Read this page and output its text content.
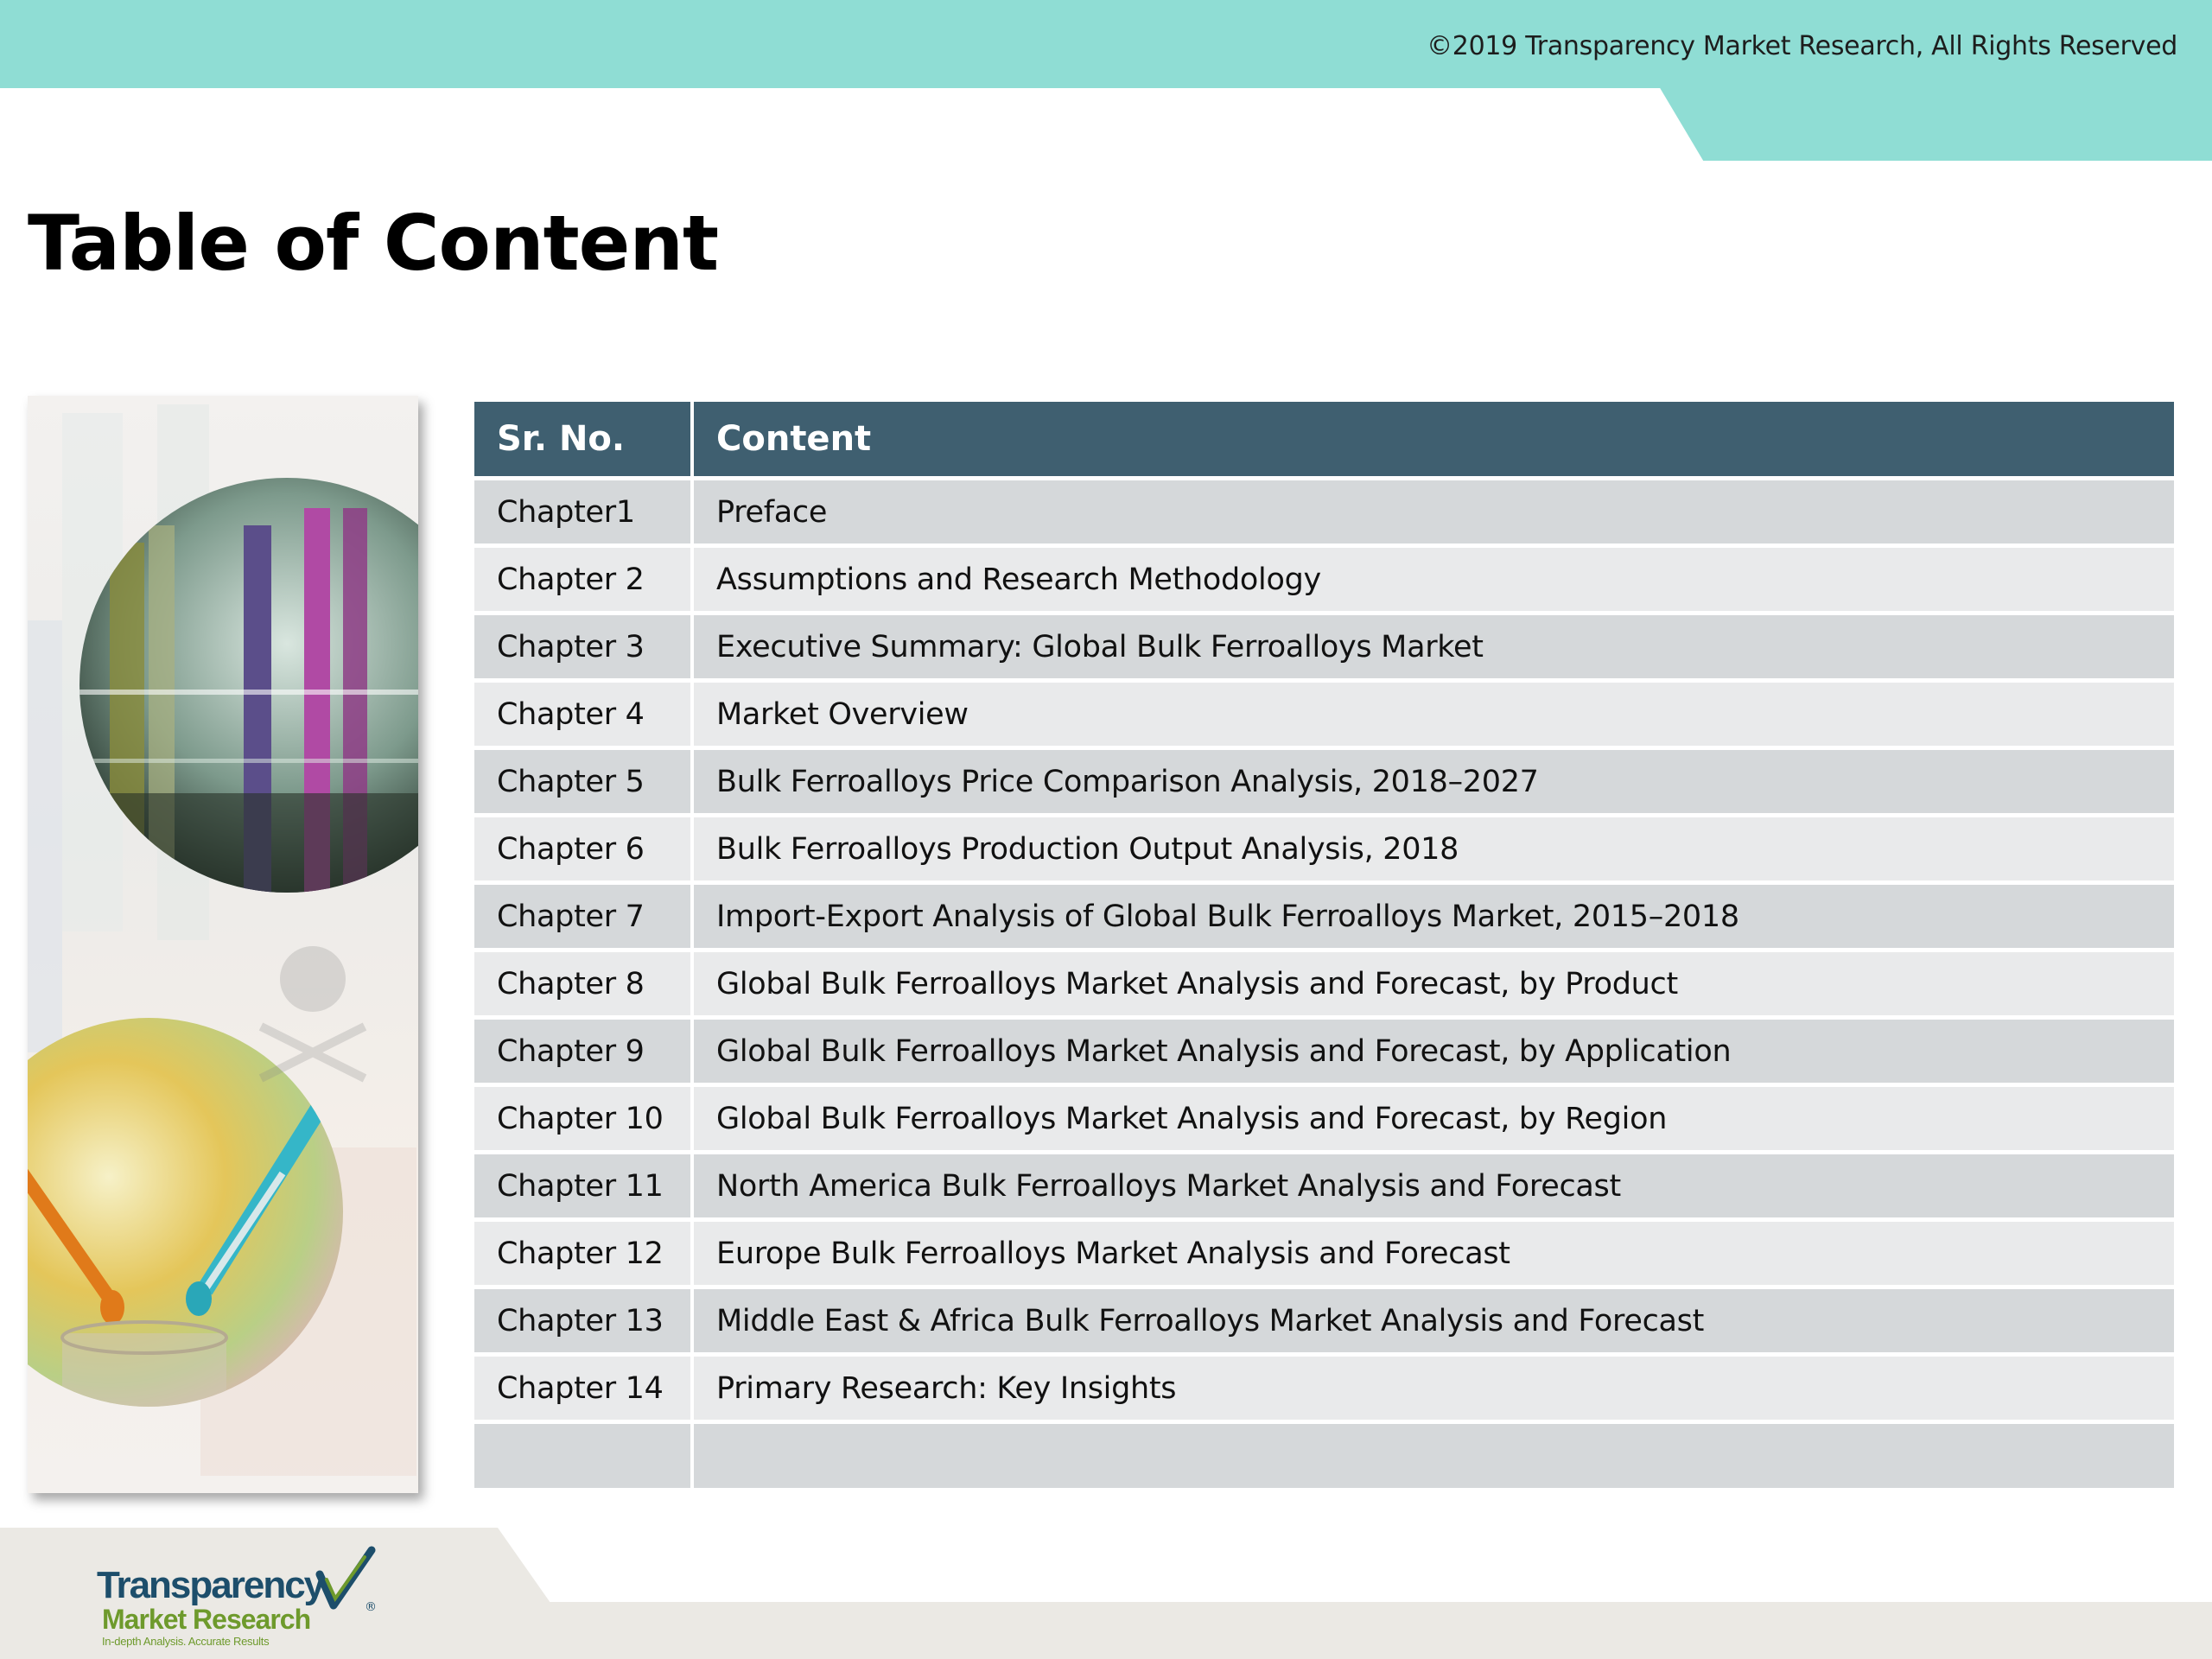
©2019 Transparency Market Research, All Rights Reserved
Table of Content
Sr. No.	Content
Chapter1	Preface
Chapter 2	Assumptions and Research Methodology
Chapter 3	Executive Summary: Global Bulk Ferroalloys Market
Chapter 4	Market Overview
Chapter 5	Bulk Ferroalloys Price Comparison Analysis, 2018–2027
Chapter 6	Bulk Ferroalloys Production Output Analysis, 2018
Chapter 7	Import-Export Analysis of Global Bulk Ferroalloys Market, 2015–2018
Chapter 8	Global Bulk Ferroalloys Market Analysis and Forecast, by Product
Chapter 9	Global Bulk Ferroalloys Market Analysis and Forecast, by Application
Chapter 10	Global Bulk Ferroalloys Market Analysis and Forecast, by Region
Chapter 11	North America Bulk Ferroalloys Market Analysis and Forecast
Chapter 12	Europe Bulk Ferroalloys Market Analysis and Forecast
Chapter 13	Middle East & Africa Bulk Ferroalloys Market Analysis and Forecast
Chapter 14	Primary Research: Key Insights

Transparency
Market Research
In-depth Analysis. Accurate Results
®
